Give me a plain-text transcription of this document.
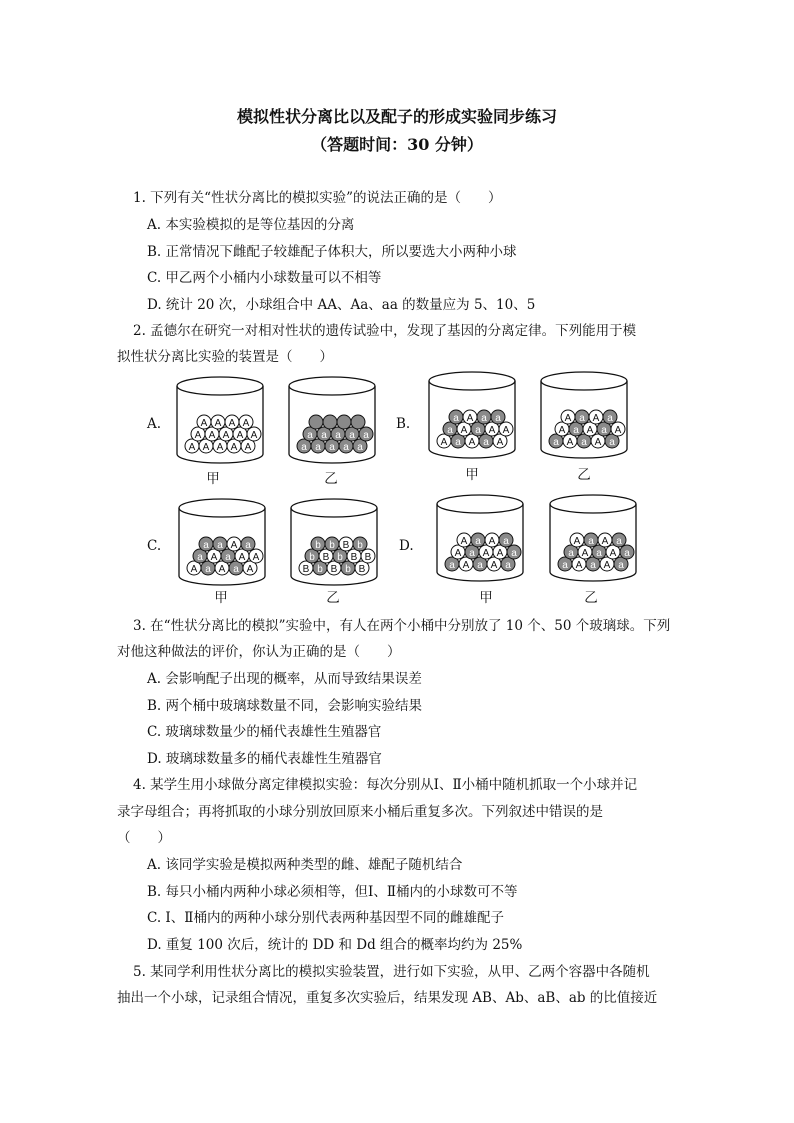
模拟性状分离比以及配子的形成实验同步练习
（答题时间：30 分钟）
1. 下列有关“性状分离比的模拟实验”的说法正确的是（　　）
A. 本实验模拟的是等位基因的分离
B. 正常情况下雌配子较雄配子体积大，所以要选大小两种小球
C. 甲乙两个小桶内小球数量可以不相等
D. 统计 20 次，小球组合中 AA、Aa、aa 的数量应为 5、10、5
2. 孟德尔在研究一对相对性状的遗传试验中，发现了基因的分离定律。下列能用于模
拟性状分离比实验的装置是（　　）
A.	B.
C.	D.
A A A A A
A A A A A
A A A A
a a a a a
a a a a a
A a A a A
a A a A A
a A a a
a A a A a
A a A a A
A a A a
A a A a A
a A a A A
a a A a
B b B b B
b B b B B
b b B b
a A a A a
A a A A a
A a A a
a A a A a
a A a A a
A a A a
甲	乙	甲	乙
甲	乙	甲	乙
3. 在“性状分离比的模拟”实验中，有人在两个小桶中分别放了 10 个、50 个玻璃球。下列
对他这种做法的评价，你认为正确的是（　　）
A. 会影响配子出现的概率，从而导致结果误差
B. 两个桶中玻璃球数量不同，会影响实验结果
C. 玻璃球数量少的桶代表雄性生殖器官
D. 玻璃球数量多的桶代表雄性生殖器官
4. 某学生用小球做分离定律模拟实验：每次分别从Ⅰ、Ⅱ小桶中随机抓取一个小球并记
录字母组合；再将抓取的小球分别放回原来小桶后重复多次。下列叙述中错误的是
（　　）
A. 该同学实验是模拟两种类型的雌、雄配子随机结合
B. 每只小桶内两种小球必须相等，但Ⅰ、Ⅱ桶内的小球数可不等
C. Ⅰ、Ⅱ桶内的两种小球分别代表两种基因型不同的雌雄配子
D. 重复 100 次后，统计的 DD 和 Dd 组合的概率均约为 25%
5. 某同学利用性状分离比的模拟实验装置，进行如下实验，从甲、乙两个容器中各随机
抽出一个小球，记录组合情况，重复多次实验后，结果发现 AB、Ab、aB、ab 的比值接近
